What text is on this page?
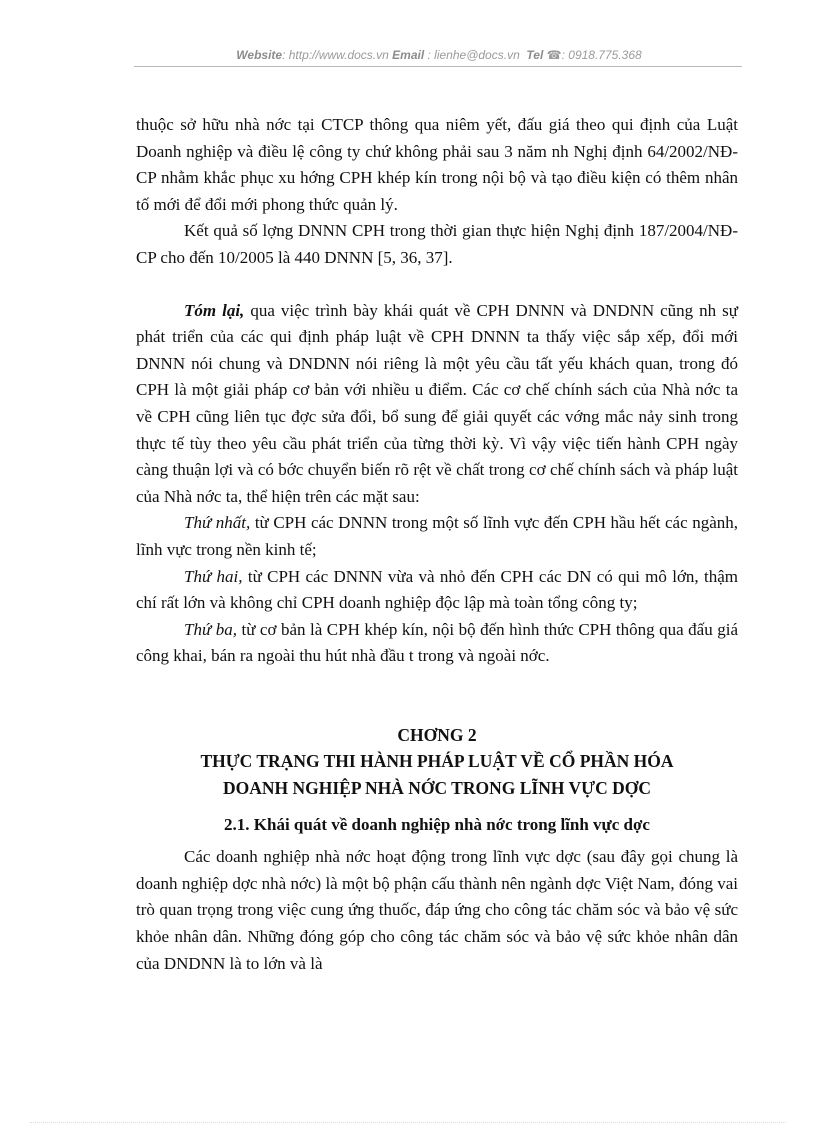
Website: http://www.docs.vn Email : lienhe@docs.vn Tel ☎: 0918.775.368

thuộc sở hữu nhà nớc tại CTCP thông qua niêm yết, đấu giá theo qui định của Luật Doanh nghiệp và điều lệ công ty chứ không phải sau 3 năm nh Nghị định 64/2002/NĐ-CP nhằm khắc phục xu hớng CPH khép kín trong nội bộ và tạo điều kiện có thêm nhân tố mới để đổi mới phong thức quản lý.

Kết quả số lợng DNNN CPH trong thời gian thực hiện Nghị định 187/2004/NĐ-CP cho đến 10/2005 là 440 DNNN [5, 36, 37].

Tóm lại, qua việc trình bày khái quát về CPH DNNN và DNDNN cũng nh sự phát triển của các qui định pháp luật về CPH DNNN ta thấy việc sắp xếp, đổi mới DNNN nói chung và DNDNN nói riêng là một yêu cầu tất yếu khách quan, trong đó CPH là một giải pháp cơ bản với nhiều u điểm. Các cơ chế chính sách của Nhà nớc ta về CPH cũng liên tục đợc sửa đổi, bổ sung để giải quyết các vớng mắc nảy sinh trong thực tế tùy theo yêu cầu phát triển của từng thời kỳ. Vì vậy việc tiến hành CPH ngày càng thuận lợi và có bớc chuyển biến rõ rệt về chất trong cơ chế chính sách và pháp luật của Nhà nớc ta, thể hiện trên các mặt sau:

Thứ nhất, từ CPH các DNNN trong một số lĩnh vực đến CPH hầu hết các ngành, lĩnh vực trong nền kinh tế;

Thứ hai, từ CPH các DNNN vừa và nhỏ đến CPH các DN có qui mô lớn, thậm chí rất lớn và không chỉ CPH doanh nghiệp độc lập mà toàn tổng công ty;

Thứ ba, từ cơ bản là CPH khép kín, nội bộ đến hình thức CPH thông qua đấu giá công khai, bán ra ngoài thu hút nhà đầu t trong và ngoài nớc.

CHƠNG 2
THỰC TRẠNG THI HÀNH PHÁP LUẬT VỀ CỔ PHẦN HÓA
DOANH NGHIỆP NHÀ NỚC TRONG LĨNH VỰC DỢC
2.1. Khái quát về doanh nghiệp nhà nớc trong lĩnh vực dợc

Các doanh nghiệp nhà nớc hoạt động trong lĩnh vực dợc (sau đây gọi chung là doanh nghiệp dợc nhà nớc) là một bộ phận cấu thành nên ngành dợc Việt Nam, đóng vai trò quan trọng trong việc cung ứng thuốc, đáp ứng cho công tác chăm sóc và bảo vệ sức khỏe nhân dân. Những đóng góp cho công tác chăm sóc và bảo vệ sức khỏe nhân dân của DNDNN là to lớn và là
